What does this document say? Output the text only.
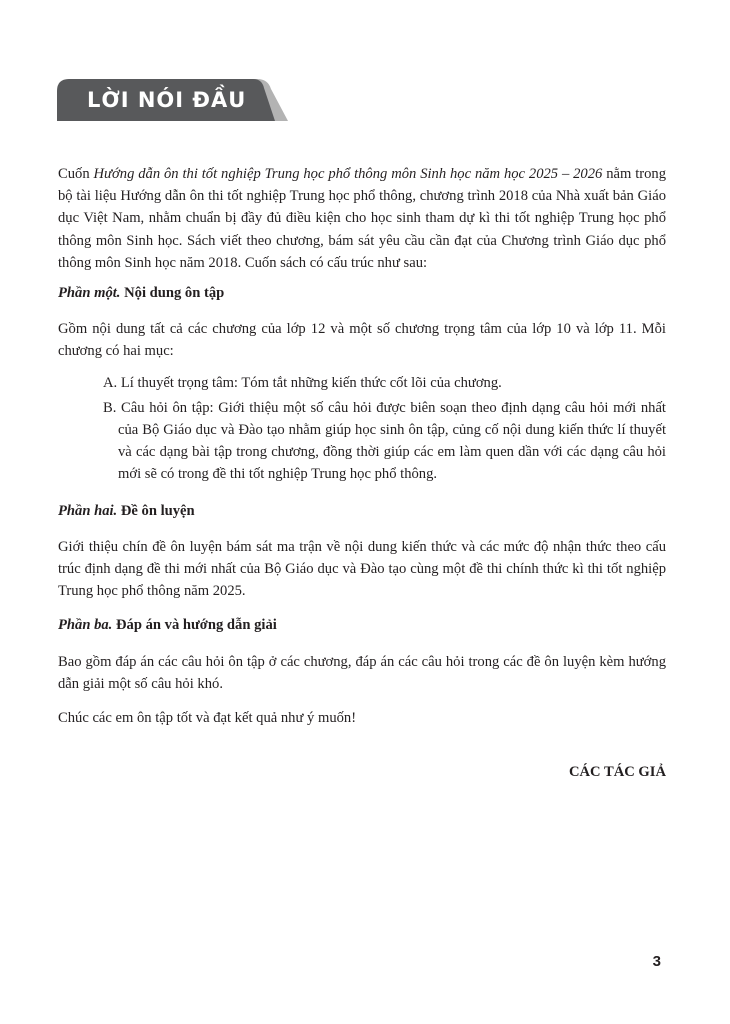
LỜI NÓI ĐẦU

Cuốn Hướng dẫn ôn thi tốt nghiệp Trung học phổ thông môn Sinh học năm học 2025 – 2026 nằm trong bộ tài liệu Hướng dẫn ôn thi tốt nghiệp Trung học phổ thông, chương trình 2018 của Nhà xuất bản Giáo dục Việt Nam, nhằm chuẩn bị đầy đủ điều kiện cho học sinh tham dự kì thi tốt nghiệp Trung học phổ thông môn Sinh học. Sách viết theo chương, bám sát yêu cầu cần đạt của Chương trình Giáo dục phổ thông môn Sinh học năm 2018. Cuốn sách có cấu trúc như sau:

Phần một. Nội dung ôn tập

Gồm nội dung tất cả các chương của lớp 12 và một số chương trọng tâm của lớp 10 và lớp 11. Mỗi chương có hai mục:

A. Lí thuyết trọng tâm: Tóm tắt những kiến thức cốt lõi của chương.

B. Câu hỏi ôn tập: Giới thiệu một số câu hỏi được biên soạn theo định dạng câu hỏi mới nhất của Bộ Giáo dục và Đào tạo nhằm giúp học sinh ôn tập, củng cố nội dung kiến thức lí thuyết và các dạng bài tập trong chương, đồng thời giúp các em làm quen dần với các dạng câu hỏi mới sẽ có trong đề thi tốt nghiệp Trung học phổ thông.

Phần hai. Đề ôn luyện

Giới thiệu chín đề ôn luyện bám sát ma trận về nội dung kiến thức và các mức độ nhận thức theo cấu trúc định dạng đề thi mới nhất của Bộ Giáo dục và Đào tạo cùng một đề thi chính thức kì thi tốt nghiệp Trung học phổ thông năm 2025.

Phần ba. Đáp án và hướng dẫn giải

Bao gồm đáp án các câu hỏi ôn tập ở các chương, đáp án các câu hỏi trong các đề ôn luyện kèm hướng dẫn giải một số câu hỏi khó.

Chúc các em ôn tập tốt và đạt kết quả như ý muốn!

CÁC TÁC GIẢ

3
